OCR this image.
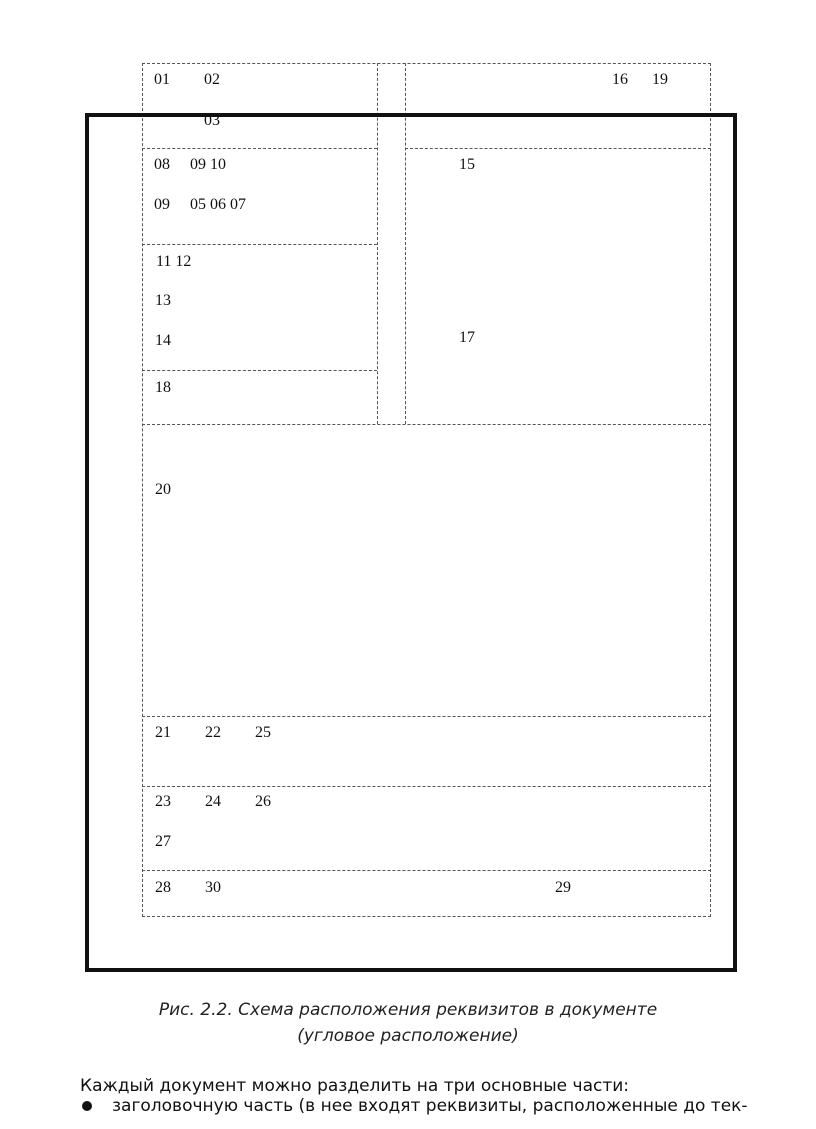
01 02
03
16 19
08 09 10	15
09 05 06 07
11 12
13
14	17
18
20
21 22 25
23 24 26
27
28 30	29
Рис. 2.2. Схема расположения реквизитов в документе
(угловое расположение)
Каждый документ можно разделить на три основные части:
заголовочную часть (в нее входят реквизиты, расположенные до тек-
